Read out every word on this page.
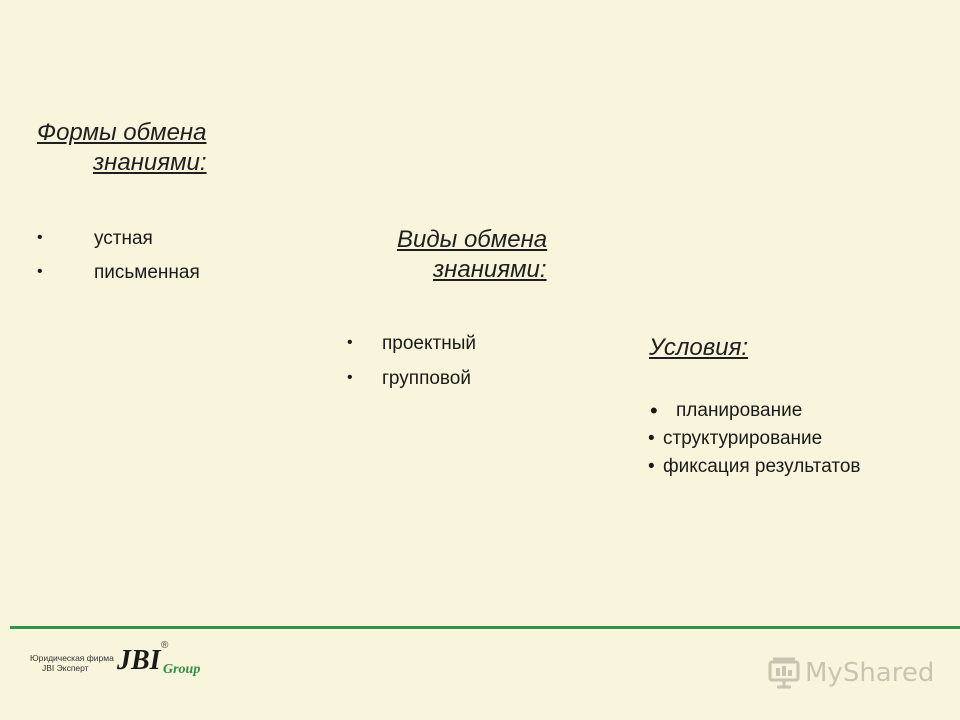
Формы обмена
знаниями:
•	устная
•	письменная
Виды обмена
знаниями:
• проектный
• групповой
Условия:
• планирование
• структурирование
• фиксация результатов
Юридическая фирма
JBI Эксперт JBI ®
Group	MyShared
